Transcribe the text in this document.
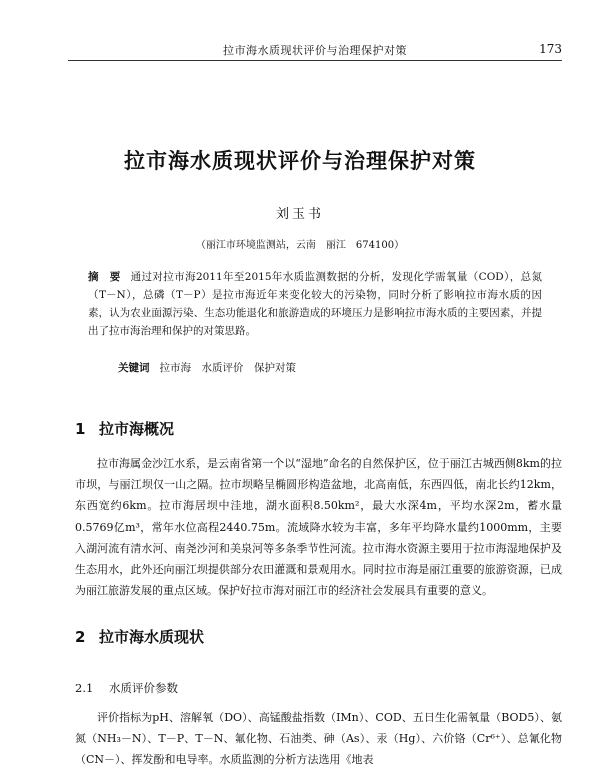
拉市海水质现状评价与治理保护对策	173
拉市海水质现状评价与治理保护对策
刘玉书
（丽江市环境监测站，云南　丽江　674100）
摘　要 通过对拉市海2011年至2015年水质监测数据的分析，发现化学需氧量（COD），总氮（T－N），总磷（T－P）是拉市海近年来变化较大的污染物，同时分析了影响拉市海水质的因素，认为农业面源污染、生态功能退化和旅游造成的环境压力是影响拉市海水质的主要因素，并提出了拉市海治理和保护的对策思路。
关键词 拉市海　水质评价　保护对策
1 拉市海概况
拉市海属金沙江水系，是云南省第一个以“湿地”命名的自然保护区，位于丽江古城西侧8km的拉市坝，与丽江坝仅一山之隔。拉市坝略呈椭圆形构造盆地，北高南低，东西四低，南北长约12km，东西宽约6km。拉市海居坝中洼地，湖水面积8.50km²，最大水深4m，平均水深2m，蓄水量0.5769亿m³，常年水位高程2440.75m。流域降水较为丰富，多年平均降水量约1000mm，主要入湖河流有清水河、南尧沙河和美泉河等多条季节性河流。拉市海水资源主要用于拉市海湿地保护及生态用水，此外还向丽江坝提供部分农田灌溉和景观用水。同时拉市海是丽江重要的旅游资源，已成为丽江旅游发展的重点区域。保护好拉市海对丽江市的经济社会发展具有重要的意义。
2 拉市海水质现状
2.1 水质评价参数
评价指标为pH、溶解氧（DO）、高锰酸盐指数（IMn）、COD、五日生化需氧量（BOD5）、氨氮（NH₃－N）、T－P、T－N、氟化物、石油类、砷（As）、汞（Hg）、六价铬（Cr⁶⁺）、总氰化物（CN－）、挥发酚和电导率。水质监测的分析方法选用《地表
